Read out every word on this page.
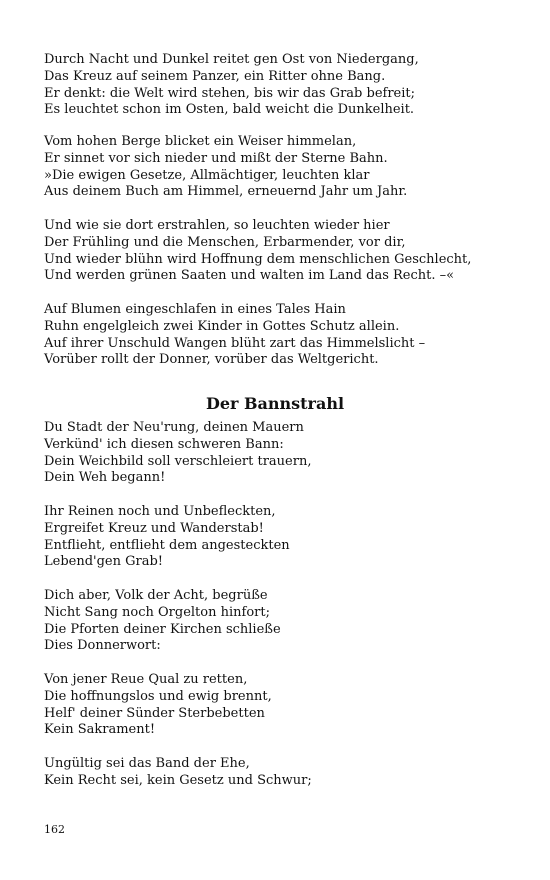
Durch Nacht und Dunkel reitet gen Ost von Niedergang,
Das Kreuz auf seinem Panzer, ein Ritter ohne Bang.
Er denkt: die Welt wird stehen, bis wir das Grab befreit;
Es leuchtet schon im Osten, bald weicht die Dunkelheit.
Vom hohen Berge blicket ein Weiser himmelan,
Er sinnet vor sich nieder und mißt der Sterne Bahn.
»Die ewigen Gesetze, Allmächtiger, leuchten klar
Aus deinem Buch am Himmel, erneuernd Jahr um Jahr.
Und wie sie dort erstrahlen, so leuchten wieder hier
Der Frühling und die Menschen, Erbarmender, vor dir,
Und wieder blühn wird Hoffnung dem menschlichen Geschlecht,
Und werden grünen Saaten und walten im Land das Recht. –«
Auf Blumen eingeschlafen in eines Tales Hain
Ruhn engelgleich zwei Kinder in Gottes Schutz allein.
Auf ihrer Unschuld Wangen blüht zart das Himmelslicht –
Vorüber rollt der Donner, vorüber das Weltgericht.
Der Bannstrahl
Du Stadt der Neu'rung, deinen Mauern
Verkünd' ich diesen schweren Bann:
Dein Weichbild soll verschleiert trauern,
Dein Weh begann!
Ihr Reinen noch und Unbefleckten,
Ergreifet Kreuz und Wanderstab!
Entflieht, entflieht dem angesteckten
Lebend'gen Grab!
Dich aber, Volk der Acht, begrüße
Nicht Sang noch Orgelton hinfort;
Die Pforten deiner Kirchen schließe
Dies Donnerwort:
Von jener Reue Qual zu retten,
Die hoffnungslos und ewig brennt,
Helf' deiner Sünder Sterbebetten
Kein Sakrament!
Ungültig sei das Band der Ehe,
Kein Recht sei, kein Gesetz und Schwur;
162
